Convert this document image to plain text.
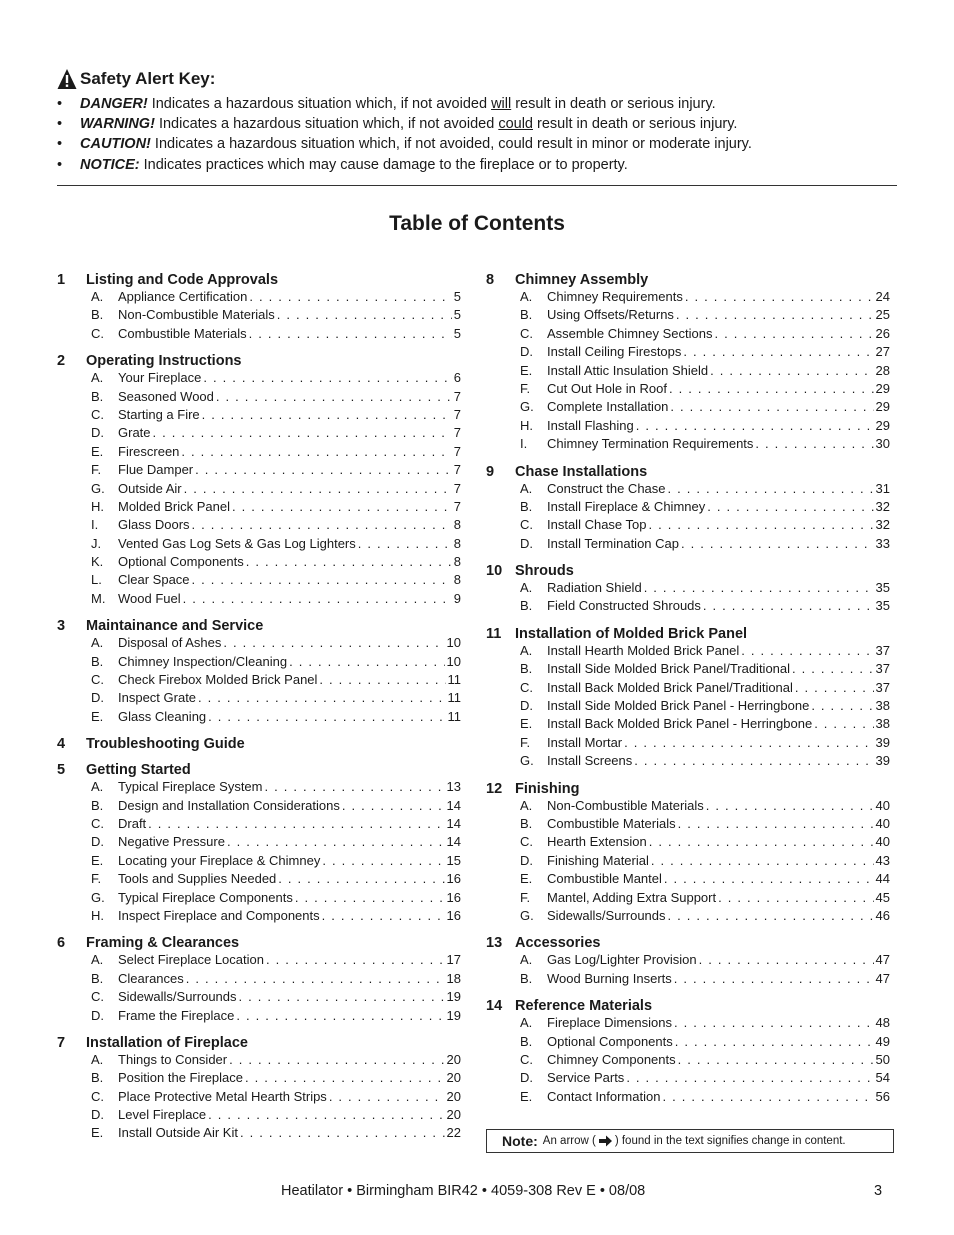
Safety Alert Key:
• DANGER! Indicates a hazardous situation which, if not avoided will result in death or serious injury.
• WARNING! Indicates a hazardous situation which, if not avoided could result in death or serious injury.
• CAUTION! Indicates a hazardous situation which, if not avoided, could result in minor or moderate injury.
• NOTICE: Indicates practices which may cause damage to the fireplace or to property.
Table of Contents
1	Listing and Code Approvals
A.	Appliance Certification . . .	5
B.	Non-Combustible Materials . . .	5
C.	Combustible Materials . . .	5
2	Operating Instructions
A.	Your Fireplace . . .	6
B.	Seasoned Wood . . .	7
C.	Starting a Fire . . .	7
D.	Grate . . .	7
E.	Firescreen . . .	7
F.	Flue Damper . . .	7
G.	Outside Air . . .	7
H.	Molded Brick Panel . . .	7
I.	Glass Doors . . .	8
J.	Vented Gas Log Sets & Gas Log Lighters . . .	8
K.	Optional Components . . .	8
L.	Clear Space . . .	8
M. Wood Fuel . . .	9
3	Maintainance and Service
A.	Disposal of Ashes . . .	10
B.	Chimney Inspection/Cleaning . . .	10
C.	Check Firebox Molded Brick Panel . . .	11
D.	Inspect Grate . . .	11
E.	Glass Cleaning . . .	11
4	Troubleshooting Guide
5	Getting Started
A.	Typical Fireplace System . . .	13
B.	Design and Installation Considerations . . .	14
C.	Draft . . .	14
D.	Negative Pressure . . .	14
E.	Locating your Fireplace & Chimney . . .	15
F.	Tools and Supplies Needed . . .	16
G.	Typical Fireplace Components . . .	16
H.	Inspect Fireplace and Components . . .	16
6	Framing & Clearances
A.	Select Fireplace Location . . .	17
B.	Clearances . . .	18
C.	Sidewalls/Surrounds . . .	19
D.	Frame the Fireplace . . .	19
7	Installation of Fireplace
A.	Things to Consider . . .	20
B.	Position the Fireplace . . .	20
C.	Place Protective Metal Hearth Strips . . .	20
D.	Level Fireplace . . .	20
E.	Install Outside Air Kit . . .	22
8	Chimney Assembly
A.	Chimney Requirements . . .	24
B.	Using Offsets/Returns . . .	25
C.	Assemble Chimney Sections . . .	26
D.	Install Ceiling Firestops . . .	27
E.	Install Attic Insulation Shield . . .	28
F.	Cut Out Hole in Roof . . .	29
G.	Complete Installation . . .	29
H.	Install Flashing . . .	29
I.	Chimney Termination Requirements . . .	30
9	Chase Installations
A.	Construct the Chase . . .	31
B.	Install Fireplace & Chimney . . .	32
C.	Install Chase Top . . .	32
D.	Install Termination Cap . . .	33
10 Shrouds
A.	Radiation Shield . . .	35
B.	Field Constructed Shrouds . . .	35
11 Installation of Molded Brick Panel
A.	Install Hearth Molded Brick Panel . . .	37
B.	Install Side Molded Brick Panel/Traditional . . .	37
C.	Install Back Molded Brick Panel/Traditional . . .	37
D.	Install Side Molded Brick Panel - Herringbone . . .	38
E.	Install Back Molded Brick Panel - Herringbone . . .	38
F.	Install Mortar . . .	39
G.	Install Screens . . .	39
12 Finishing
A.	Non-Combustible Materials . . .	40
B.	Combustible Materials . . .	40
C.	Hearth Extension . . .	40
D.	Finishing Material . . .	43
E.	Combustible Mantel . . .	44
F.	Mantel, Adding Extra Support . . .	45
G.	Sidewalls/Surrounds . . .	46
13 Accessories
A.	Gas Log/Lighter Provision . . .	47
B.	Wood Burning Inserts . . .	47
14 Reference Materials
A.	Fireplace Dimensions . . .	48
B.	Optional Components . . .	49
C.	Chimney Components . . .	50
D.	Service Parts . . .	54
E.	Contact Information . . .	56
Note: An arrow ( ) found in the text signifies change in content.
Heatilator • Birmingham BIR42 • 4059-308 Rev E • 08/08	3
